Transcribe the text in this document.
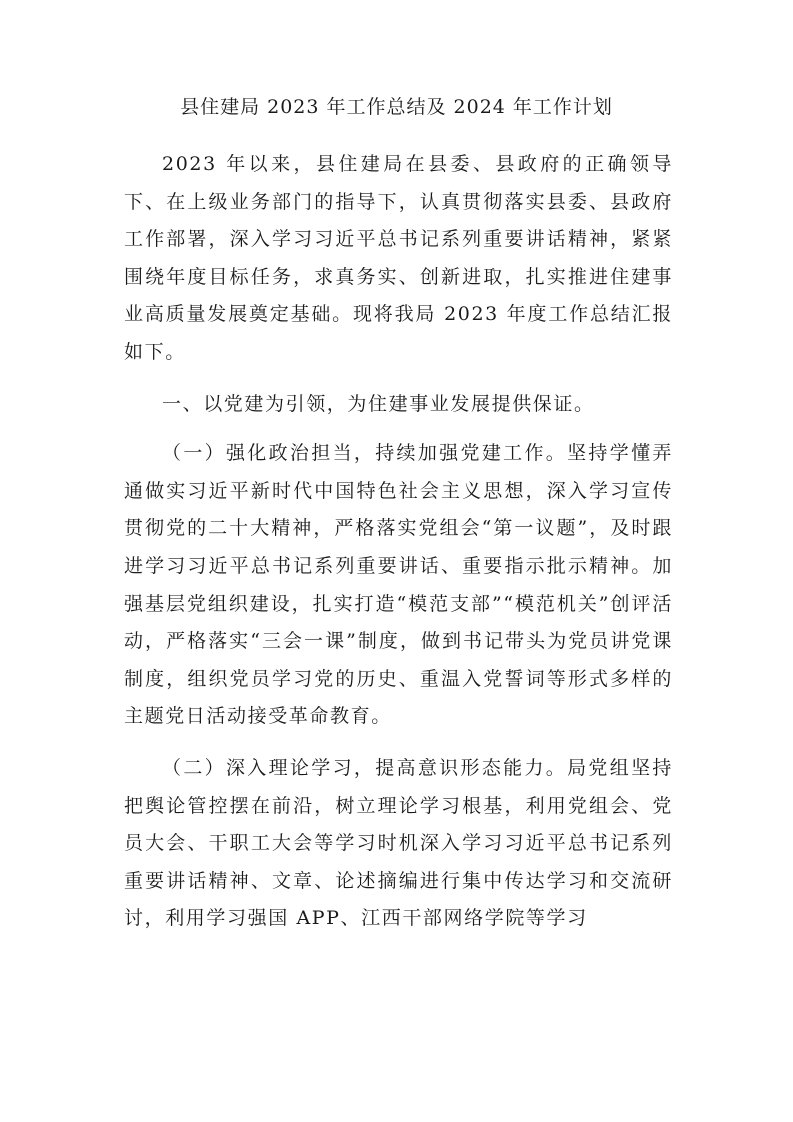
县住建局 2023 年工作总结及 2024 年工作计划

2023 年以来，县住建局在县委、县政府的正确领导下、在上级业务部门的指导下，认真贯彻落实县委、县政府工作部署，深入学习习近平总书记系列重要讲话精神，紧紧围绕年度目标任务，求真务实、创新进取，扎实推进住建事业高质量发展奠定基础。现将我局 2023 年度工作总结汇报如下。

一、以党建为引领，为住建事业发展提供保证。

（一）强化政治担当，持续加强党建工作。坚持学懂弄通做实习近平新时代中国特色社会主义思想，深入学习宣传贯彻党的二十大精神，严格落实党组会“第一议题”，及时跟进学习习近平总书记系列重要讲话、重要指示批示精神。加强基层党组织建设，扎实打造“模范支部”“模范机关”创评活动，严格落实“三会一课”制度，做到书记带头为党员讲党课制度，组织党员学习党的历史、重温入党誓词等形式多样的主题党日活动接受革命教育。

（二）深入理论学习，提高意识形态能力。局党组坚持把舆论管控摆在前沿，树立理论学习根基，利用党组会、党员大会、干职工大会等学习时机深入学习习近平总书记系列重要讲话精神、文章、论述摘编进行集中传达学习和交流研讨，利用学习强国 APP、江西干部网络学院等学习
